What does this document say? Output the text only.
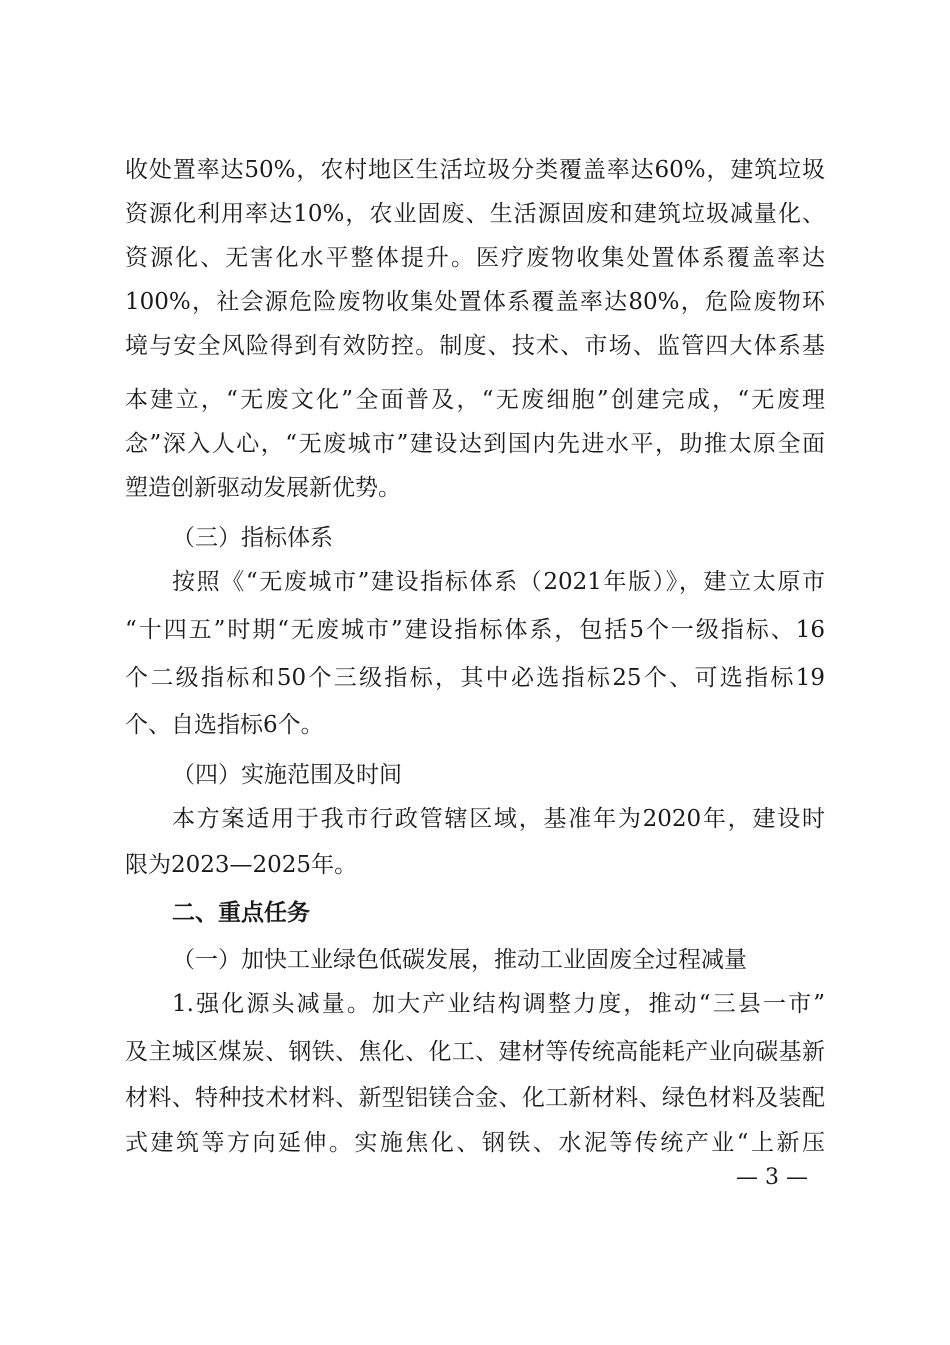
收处置率达50%，农村地区生活垃圾分类覆盖率达60%，建筑垃圾
资源化利用率达10%，农业固废、生活源固废和建筑垃圾减量化、
资源化、无害化水平整体提升。医疗废物收集处置体系覆盖率达
100%，社会源危险废物收集处置体系覆盖率达80%，危险废物环
境与安全风险得到有效防控。制度、技术、市场、监管四大体系基
本建立，“无废文化”全面普及，“无废细胞”创建完成，“无废理
念”深入人心，“无废城市”建设达到国内先进水平，助推太原全面
塑造创新驱动发展新优势。
（三）指标体系
按照《“无废城市”建设指标体系（2021年版）》，建立太原市
“十四五”时期“无废城市”建设指标体系，包括5个一级指标、16
个二级指标和50个三级指标，其中必选指标25个、可选指标19
个、自选指标6个。
（四）实施范围及时间
本方案适用于我市行政管辖区域，基准年为2020年，建设时
限为2023—2025年。
二、重点任务
（一）加快工业绿色低碳发展，推动工业固废全过程减量
1.强化源头减量。加大产业结构调整力度，推动“三县一市”
及主城区煤炭、钢铁、焦化、化工、建材等传统高能耗产业向碳基新
材料、特种技术材料、新型铝镁合金、化工新材料、绿色材料及装配
式建筑等方向延伸。实施焦化、钢铁、水泥等传统产业“上新压
— 3 —
